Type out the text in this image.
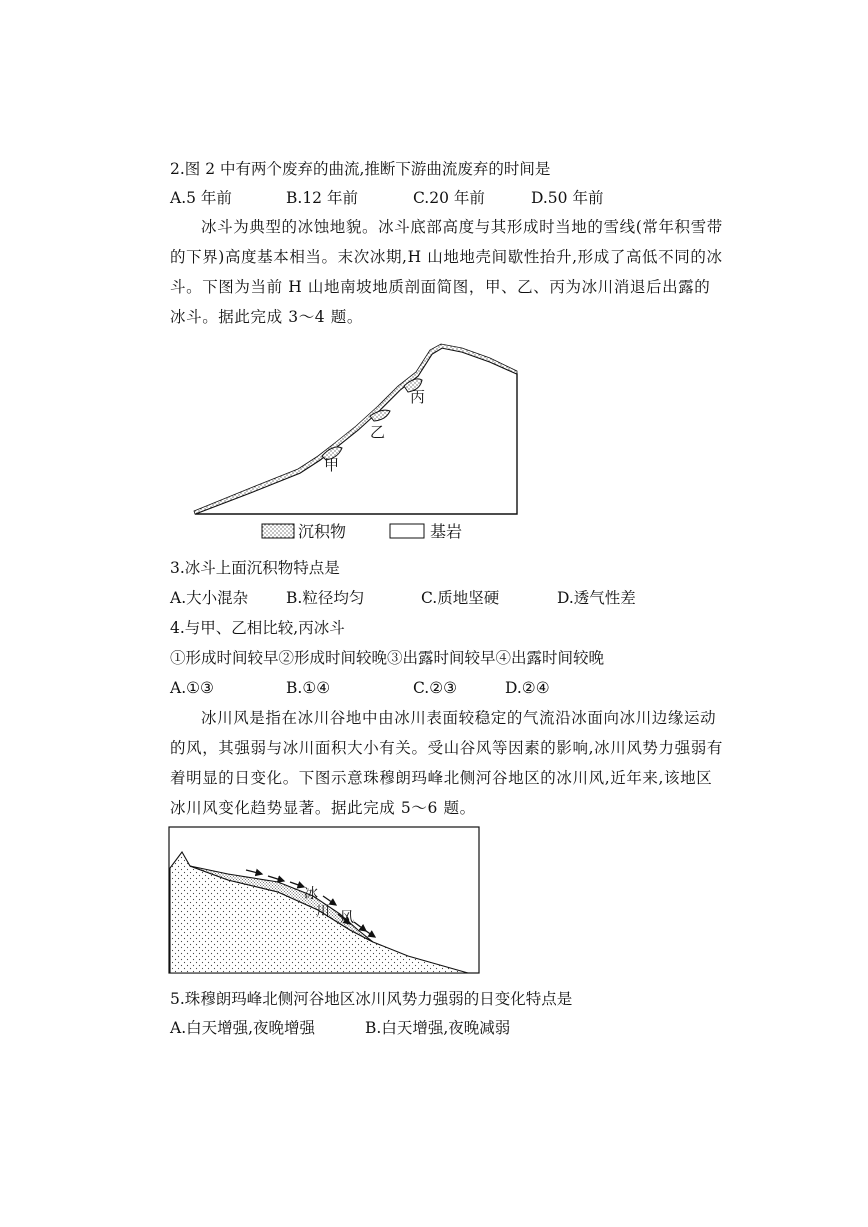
2.图 2 中有两个废弃的曲流,推断下游曲流废弃的时间是
A.5 年前	B.12 年前	C.20 年前	D.50 年前
冰斗为典型的冰蚀地貌。冰斗底部高度与其形成时当地的雪线(常年积雪带的下界)高度基本相当。末次冰期,H 山地地壳间歇性抬升,形成了高低不同的冰斗。下图为当前 H 山地南坡地质剖面简图，甲、乙、丙为冰川消退后出露的冰斗。据此完成 3～4 题。
甲
乙
丙
沉积物	基岩
3.冰斗上面沉积物特点是
A.大小混杂 B.粒径均匀	C.质地坚硬	D.透气性差
4.与甲、乙相比较,丙冰斗
①形成时间较早②形成时间较晚③出露时间较早④出露时间较晚
A.①③	B.①④	C.②③	D.②④
冰川风是指在冰川谷地中由冰川表面较稳定的气流沿冰面向冰川边缘运动的风，其强弱与冰川面积大小有关。受山谷风等因素的影响,冰川风势力强弱有着明显的日变化。下图示意珠穆朗玛峰北侧河谷地区的冰川风,近年来,该地区冰川风变化趋势显著。据此完成 5～6 题。
冰
川 风
5.珠穆朗玛峰北侧河谷地区冰川风势力强弱的日变化特点是
A.白天增强,夜晚增强	B.白天增强,夜晚减弱
